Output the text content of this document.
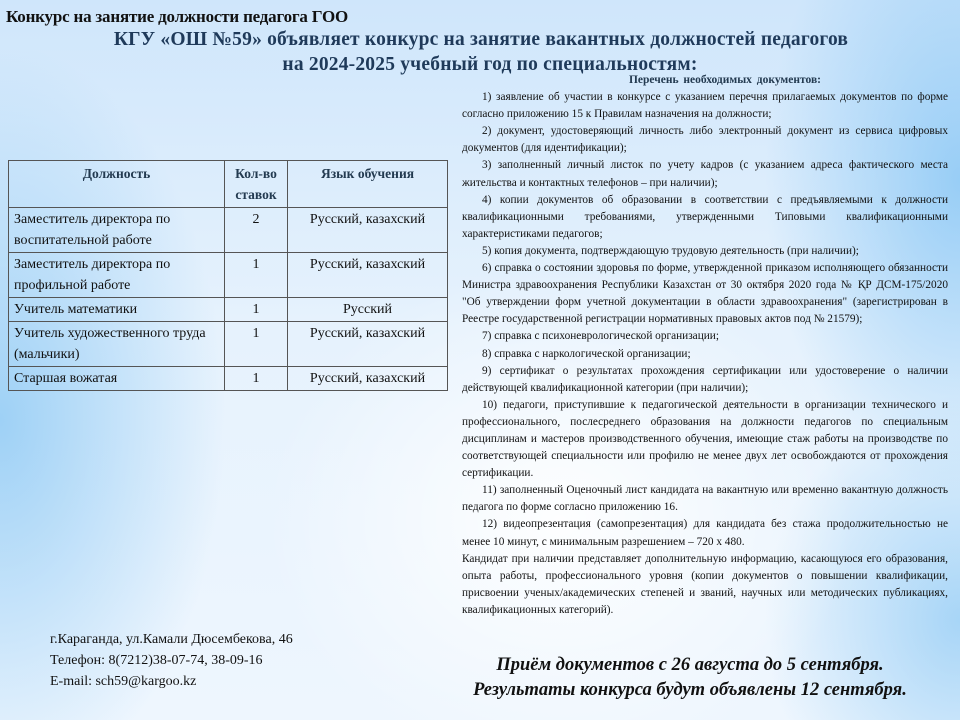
Конкурс на занятие должности педагога ГОО
КГУ «ОШ №59» объявляет конкурс на занятие вакантных должностей педагогов
на 2024-2025 учебный год по специальностям:
Должность	Кол-во ставок	Язык обучения
Заместитель директора по воспитательной работе	2	Русский, казахский
Заместитель директора по профильной работе	1	Русский, казахский
Учитель математики	1	Русский
Учитель художественного труда (мальчики)	1	Русский, казахский
Старшая вожатая	1	Русский, казахский
Перечень необходимых документов:

1) заявление об участии в конкурсе с указанием перечня прилагаемых документов по форме согласно приложению 15 к Правилам назначения на должности;

2) документ, удостоверяющий личность либо электронный документ из сервиса цифровых документов (для идентификации);

3) заполненный личный листок по учету кадров (с указанием адреса фактического места жительства и контактных телефонов – при наличии);

4) копии документов об образовании в соответствии с предъявляемыми к должности квалификационными требованиями, утвержденными Типовыми квалификационными характеристиками педагогов;

5) копия документа, подтверждающую трудовую деятельность (при наличии);

6) справка о состоянии здоровья по форме, утвержденной приказом исполняющего обязанности Министра здравоохранения Республики Казахстан от 30 октября 2020 года № ҚР ДСМ-175/2020 "Об утверждении форм учетной документации в области здравоохранения" (зарегистрирован в Реестре государственной регистрации нормативных правовых актов под № 21579);

7) справка с психоневрологической организации;

8) справка с наркологической организации;

9) сертификат о результатах прохождения сертификации или удостоверение о наличии действующей квалификационной категории (при наличии);

10) педагоги, приступившие к педагогической деятельности в организации технического и профессионального, послесреднего образования на должности педагогов по специальным дисциплинам и мастеров производственного обучения, имеющие стаж работы на производстве по соответствующей специальности или профилю не менее двух лет освобождаются от прохождения сертификации.

11) заполненный Оценочный лист кандидата на вакантную или временно вакантную должность педагога по форме согласно приложению 16.

12) видеопрезентация (самопрезентация) для кандидата без стажа продолжительностью не менее 10 минут, с минимальным разрешением – 720 x 480.

Кандидат при наличии представляет дополнительную информацию, касающуюся его образования, опыта работы, профессионального уровня (копии документов о повышении квалификации, присвоении ученых/академических степеней и званий, научных или методических публикациях, квалификационных категорий).

г.Караганда, ул.Камали Дюсембекова, 46
Телефон: 8(7212)38-07-74, 38-09-16
E-mail: sch59@kargoo.kz
Приём документов с 26 августа до 5 сентября.
Результаты конкурса будут объявлены 12 сентября.
